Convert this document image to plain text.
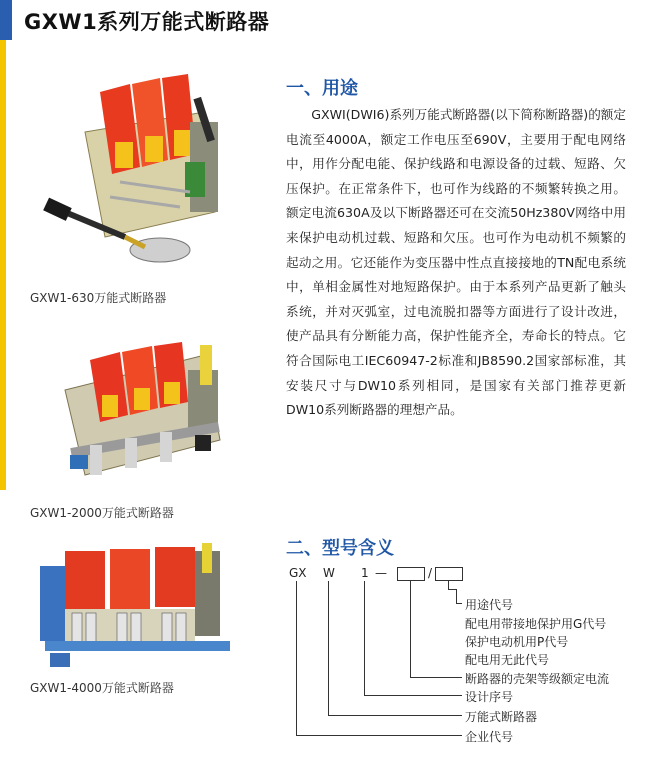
GXW1系列万能式断路器
GXW1-630万能式断路器
GXW1-2000万能式断路器
GXW1-4000万能式断路器
一、用途
GXWI(DWI6)系列万能式断路器(以下简称断路器)的额定电流至4000A，额定工作电压至690V，主要用于配电网络中，用作分配电能、保护线路和电源设备的过载、短路、欠压保护。在正常条件下，也可作为线路的不频繁转换之用。额定电流630A及以下断路器还可在交流50Hz380V网络中用来保护电动机过载、短路和欠压。也可作为电动机不频繁的起动之用。它还能作为变压器中性点直接接地的TN配电系统中，单相金属性对地短路保护。由于本系列产品更新了触头系统，并对灭弧室，过电流脱扣器等方面进行了设计改进，使产品具有分断能力高，保护性能齐全，寿命长的特点。它符合国际电工IEC60947-2标准和JB8590.2国家部标准，其安装尺寸与DW10系列相同，是国家有关部门推荐更新DW10系列断路器的理想产品。
二、型号含义
GX W 1 —	/
用途代号
配电用带接地保护用G代号
保护电动机用P代号
配电用无此代号
断路器的壳架等级额定电流
设计序号
万能式断路器
企业代号
